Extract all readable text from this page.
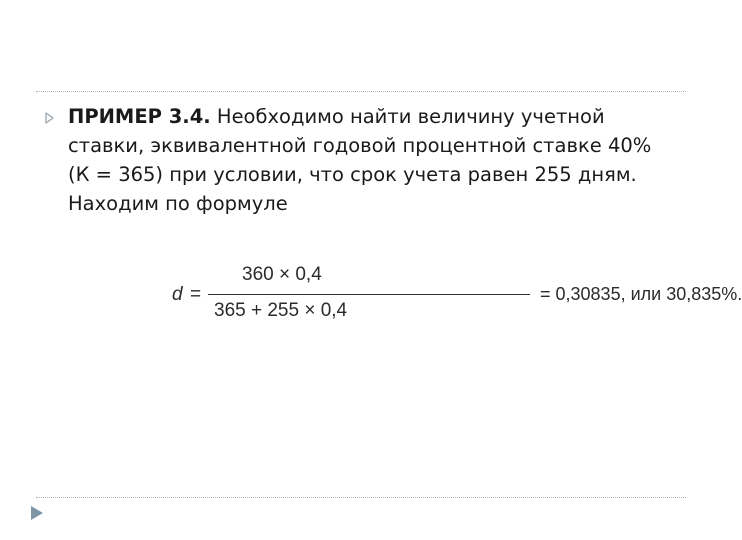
ПРИМЕР 3.4. Необходимо найти величину учетной ставки, эквивалентной годовой процентной ставке 40% (К = 365) при условии, что срок учета равен 255 дням. Находим по формуле
d =
360 × 0,4
365 + 255 × 0,4
= 0,30835, или 30,835%.
